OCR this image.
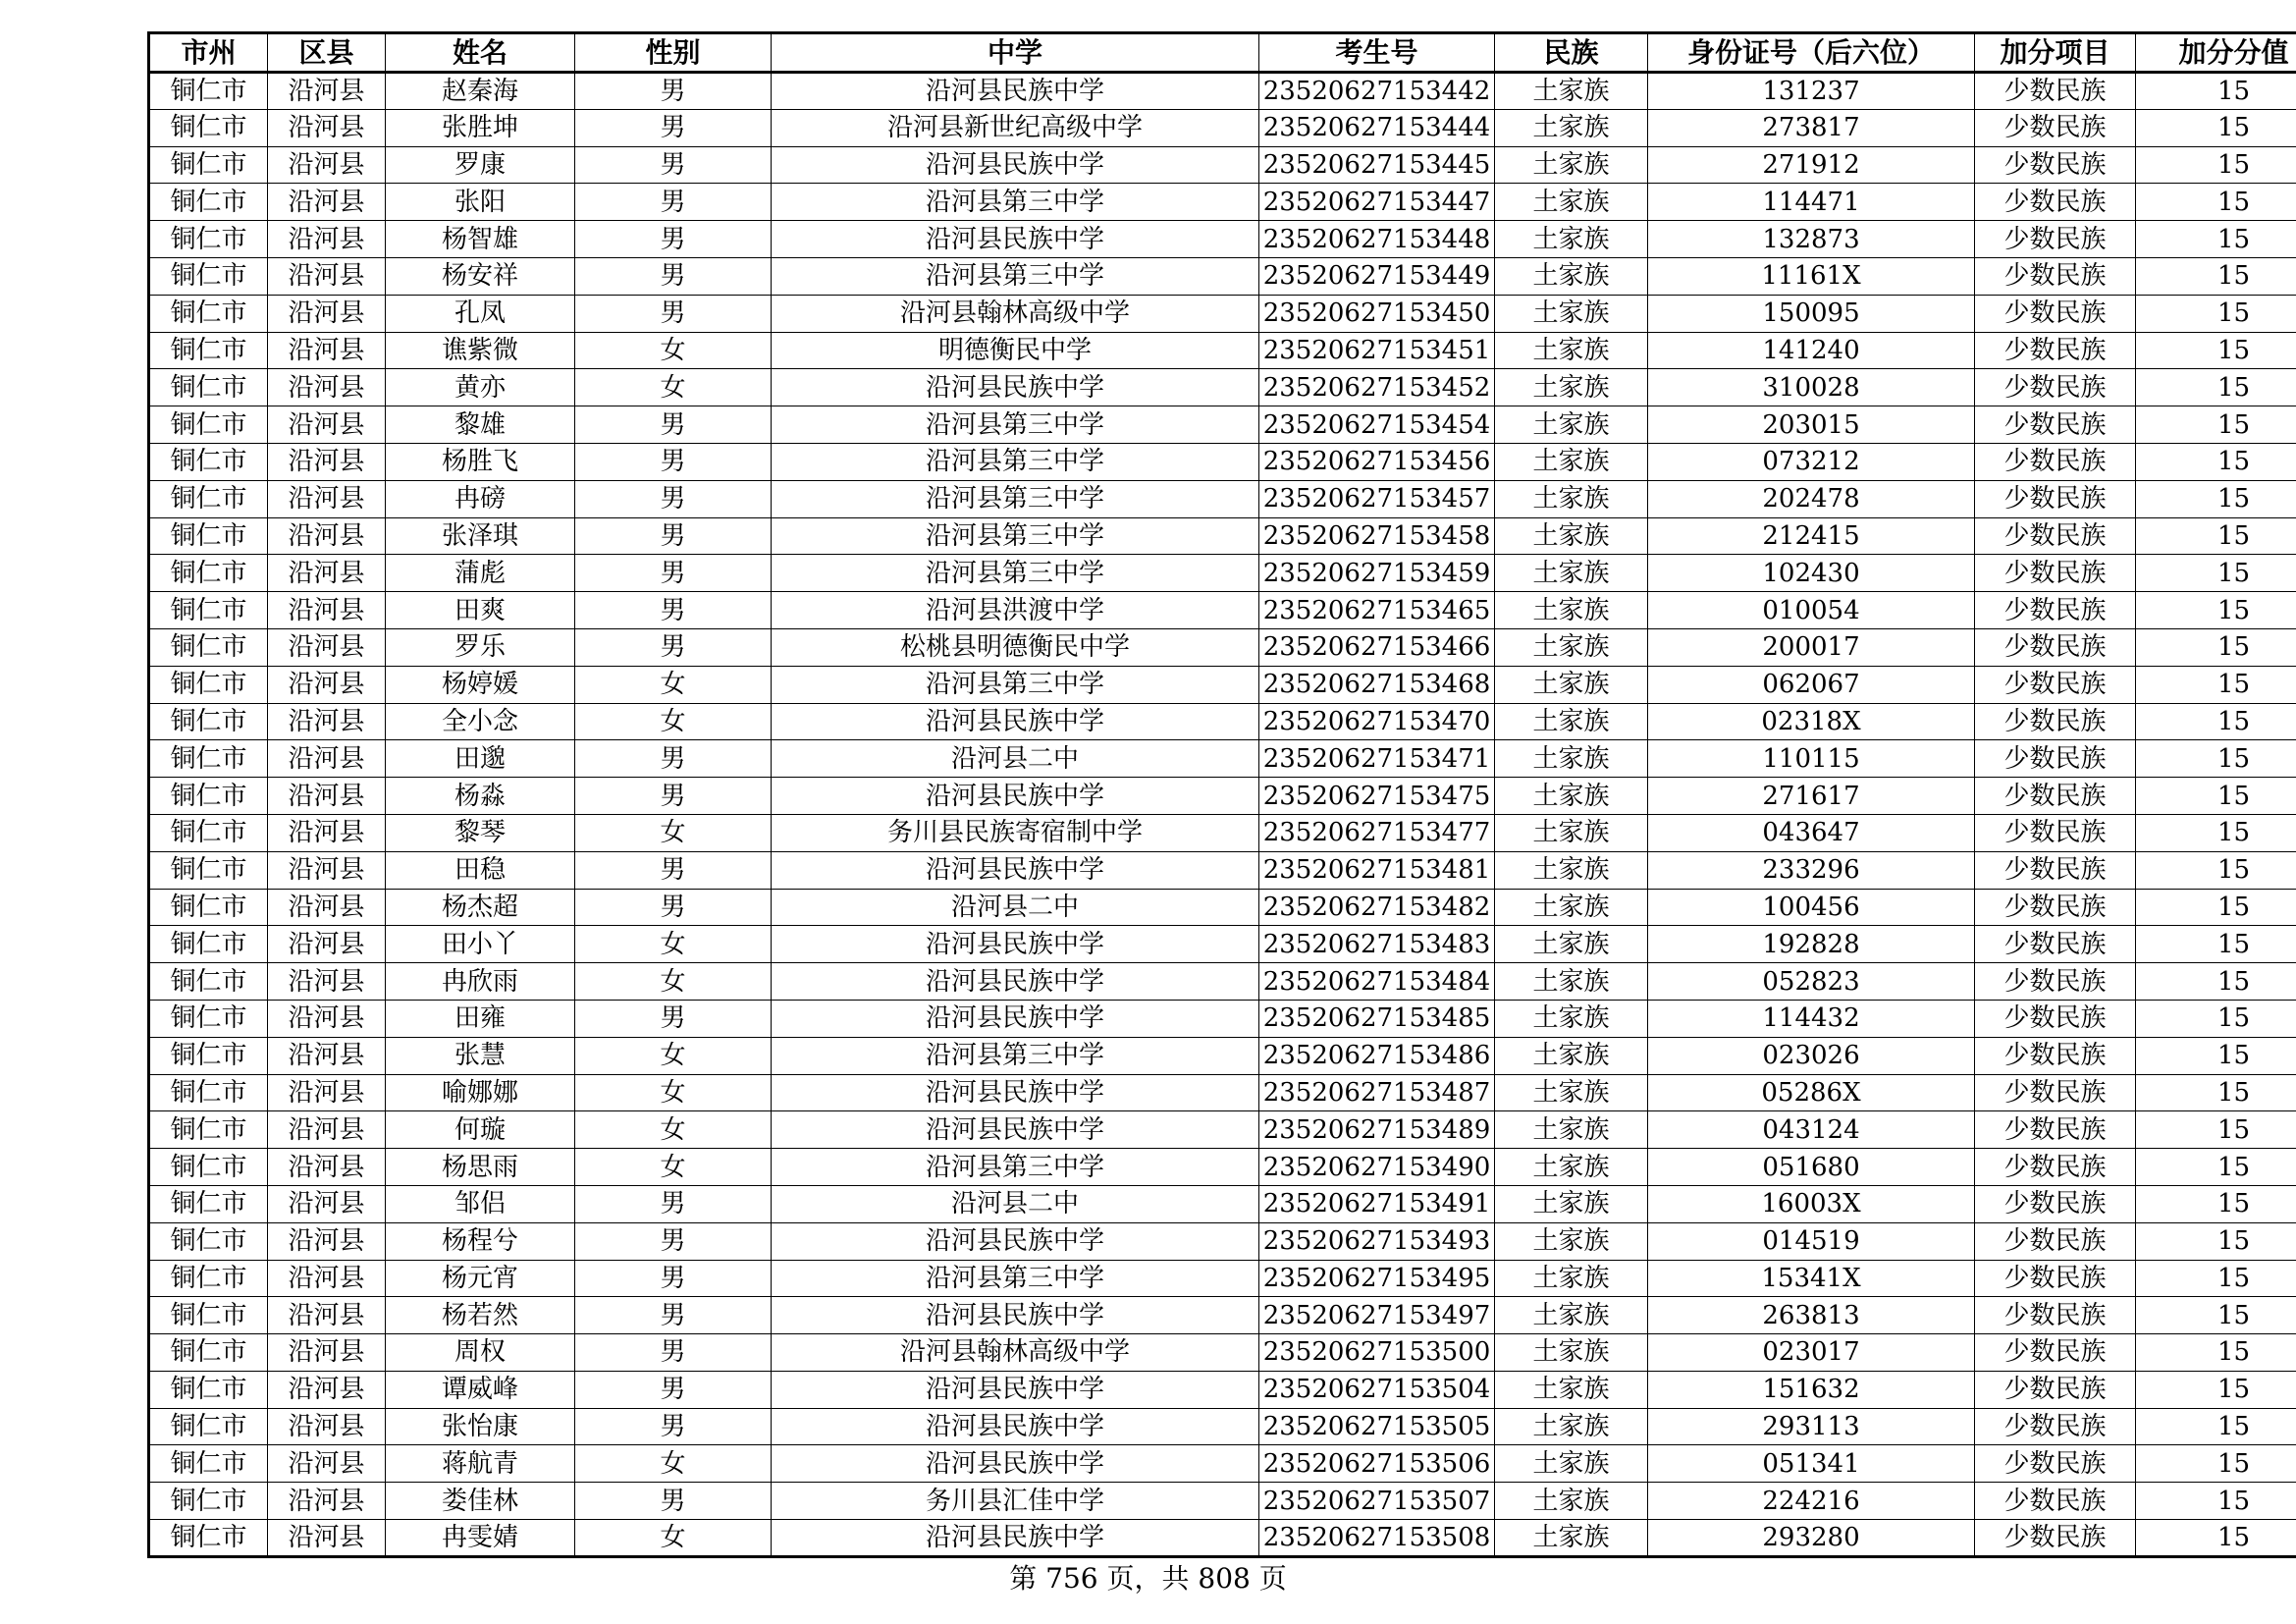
市州	区县	姓名	性别	中学	考生号	民族	身份证号（后六位）	加分项目	加分分值
铜仁市	沿河县	赵秦海	男	沿河县民族中学	23520627153442	土家族	131237	少数民族	15
铜仁市	沿河县	张胜坤	男	沿河县新世纪高级中学	23520627153444	土家族	273817	少数民族	15
铜仁市	沿河县	罗康	男	沿河县民族中学	23520627153445	土家族	271912	少数民族	15
铜仁市	沿河县	张阳	男	沿河县第三中学	23520627153447	土家族	114471	少数民族	15
铜仁市	沿河县	杨智雄	男	沿河县民族中学	23520627153448	土家族	132873	少数民族	15
铜仁市	沿河县	杨安祥	男	沿河县第三中学	23520627153449	土家族	11161X	少数民族	15
铜仁市	沿河县	孔凤	男	沿河县翰林高级中学	23520627153450	土家族	150095	少数民族	15
铜仁市	沿河县	谯紫微	女	明德衡民中学	23520627153451	土家族	141240	少数民族	15
铜仁市	沿河县	黄亦	女	沿河县民族中学	23520627153452	土家族	310028	少数民族	15
铜仁市	沿河县	黎雄	男	沿河县第三中学	23520627153454	土家族	203015	少数民族	15
铜仁市	沿河县	杨胜飞	男	沿河县第三中学	23520627153456	土家族	073212	少数民族	15
铜仁市	沿河县	冉磅	男	沿河县第三中学	23520627153457	土家族	202478	少数民族	15
铜仁市	沿河县	张泽琪	男	沿河县第三中学	23520627153458	土家族	212415	少数民族	15
铜仁市	沿河县	蒲彪	男	沿河县第三中学	23520627153459	土家族	102430	少数民族	15
铜仁市	沿河县	田爽	男	沿河县洪渡中学	23520627153465	土家族	010054	少数民族	15
铜仁市	沿河县	罗乐	男	松桃县明德衡民中学	23520627153466	土家族	200017	少数民族	15
铜仁市	沿河县	杨婷媛	女	沿河县第三中学	23520627153468	土家族	062067	少数民族	15
铜仁市	沿河县	全小念	女	沿河县民族中学	23520627153470	土家族	02318X	少数民族	15
铜仁市	沿河县	田邈	男	沿河县二中	23520627153471	土家族	110115	少数民族	15
铜仁市	沿河县	杨淼	男	沿河县民族中学	23520627153475	土家族	271617	少数民族	15
铜仁市	沿河县	黎琴	女	务川县民族寄宿制中学	23520627153477	土家族	043647	少数民族	15
铜仁市	沿河县	田稳	男	沿河县民族中学	23520627153481	土家族	233296	少数民族	15
铜仁市	沿河县	杨杰超	男	沿河县二中	23520627153482	土家族	100456	少数民族	15
铜仁市	沿河县	田小丫	女	沿河县民族中学	23520627153483	土家族	192828	少数民族	15
铜仁市	沿河县	冉欣雨	女	沿河县民族中学	23520627153484	土家族	052823	少数民族	15
铜仁市	沿河县	田雍	男	沿河县民族中学	23520627153485	土家族	114432	少数民族	15
铜仁市	沿河县	张慧	女	沿河县第三中学	23520627153486	土家族	023026	少数民族	15
铜仁市	沿河县	喻娜娜	女	沿河县民族中学	23520627153487	土家族	05286X	少数民族	15
铜仁市	沿河县	何璇	女	沿河县民族中学	23520627153489	土家族	043124	少数民族	15
铜仁市	沿河县	杨思雨	女	沿河县第三中学	23520627153490	土家族	051680	少数民族	15
铜仁市	沿河县	邹侣	男	沿河县二中	23520627153491	土家族	16003X	少数民族	15
铜仁市	沿河县	杨程兮	男	沿河县民族中学	23520627153493	土家族	014519	少数民族	15
铜仁市	沿河县	杨元宵	男	沿河县第三中学	23520627153495	土家族	15341X	少数民族	15
铜仁市	沿河县	杨若然	男	沿河县民族中学	23520627153497	土家族	263813	少数民族	15
铜仁市	沿河县	周权	男	沿河县翰林高级中学	23520627153500	土家族	023017	少数民族	15
铜仁市	沿河县	谭威峰	男	沿河县民族中学	23520627153504	土家族	151632	少数民族	15
铜仁市	沿河县	张怡康	男	沿河县民族中学	23520627153505	土家族	293113	少数民族	15
铜仁市	沿河县	蒋航青	女	沿河县民族中学	23520627153506	土家族	051341	少数民族	15
铜仁市	沿河县	娄佳林	男	务川县汇佳中学	23520627153507	土家族	224216	少数民族	15
铜仁市	沿河县	冉雯婧	女	沿河县民族中学	23520627153508	土家族	293280	少数民族	15
第 756 页，共 808 页
